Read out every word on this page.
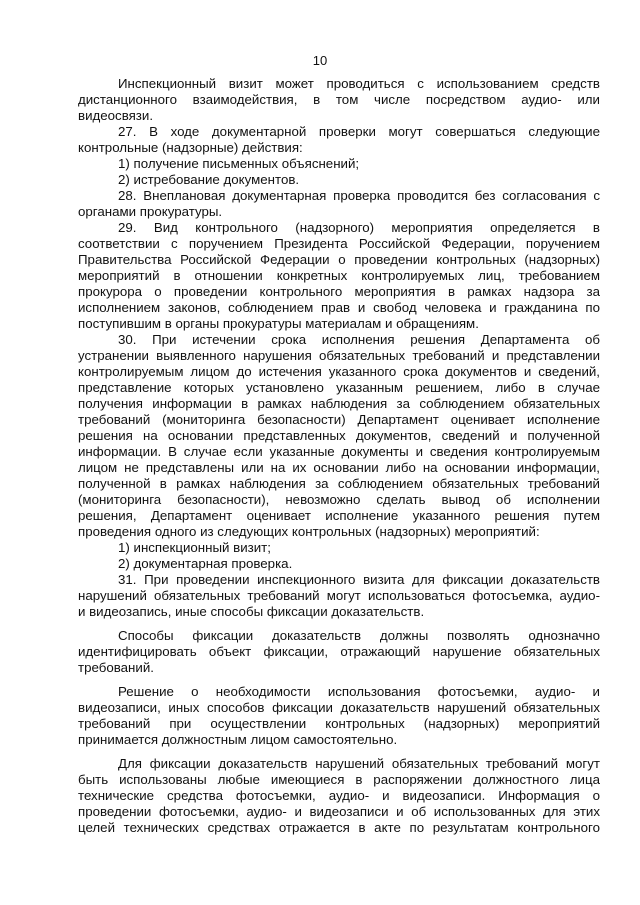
10
Инспекционный визит может проводиться с использованием средств
дистанционного взаимодействия, в том числе посредством аудио- или
видеосвязи.
27. В ходе документарной проверки могут совершаться следующие
контрольные (надзорные) действия:
1) получение письменных объяснений;
2) истребование документов.
28. Внеплановая документарная проверка проводится без согласования с
органами прокуратуры.
29. Вид контрольного (надзорного) мероприятия определяется в
соответствии с поручением Президента Российской Федерации, поручением
Правительства Российской Федерации о проведении контрольных (надзорных)
мероприятий в отношении конкретных контролируемых лиц, требованием
прокурора о проведении контрольного мероприятия в рамках надзора за
исполнением законов, соблюдением прав и свобод человека и гражданина по
поступившим в органы прокуратуры материалам и обращениям.
30. При истечении срока исполнения решения Департамента об
устранении выявленного нарушения обязательных требований и представлении
контролируемым лицом до истечения указанного срока документов и сведений,
представление которых установлено указанным решением, либо в случае
получения информации в рамках наблюдения за соблюдением обязательных
требований (мониторинга безопасности) Департамент оценивает исполнение
решения на основании представленных документов, сведений и полученной
информации. В случае если указанные документы и сведения контролируемым
лицом не представлены или на их основании либо на основании информации,
полученной в рамках наблюдения за соблюдением обязательных требований
(мониторинга безопасности), невозможно сделать вывод об исполнении
решения, Департамент оценивает исполнение указанного решения путем
проведения одного из следующих контрольных (надзорных) мероприятий:
1) инспекционный визит;
2) документарная проверка.
31. При проведении инспекционного визита для фиксации доказательств
нарушений обязательных требований могут использоваться фотосъемка, аудио-
и видеозапись, иные способы фиксации доказательств.
Способы фиксации доказательств должны позволять однозначно
идентифицировать объект фиксации, отражающий нарушение обязательных
требований.
Решение о необходимости использования фотосъемки, аудио- и
видеозаписи, иных способов фиксации доказательств нарушений обязательных
требований при осуществлении контрольных (надзорных) мероприятий
принимается должностным лицом самостоятельно.
Для фиксации доказательств нарушений обязательных требований могут
быть использованы любые имеющиеся в распоряжении должностного лица
технические средства фотосъемки, аудио- и видеозаписи. Информация о
проведении фотосъемки, аудио- и видеозаписи и об использованных для этих
целей технических средствах отражается в акте по результатам контрольного
